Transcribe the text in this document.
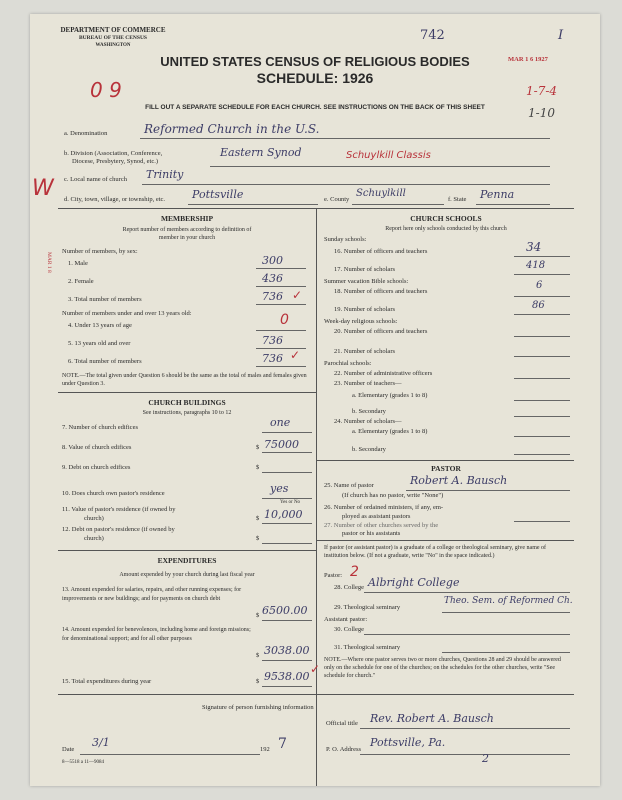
DEPARTMENT OF COMMERCE
BUREAU OF THE CENSUS
WASHINGTON
742
MAR 1 6 1927
I
UNITED STATES CENSUS OF RELIGIOUS BODIES
SCHEDULE: 1926
0 9	1-7-4
1-10
FILL OUT A SEPARATE SCHEDULE FOR EACH CHURCH. SEE INSTRUCTIONS ON THE BACK OF THIS SHEET
a. Denomination	Reformed Church in the U.S.
b. Division (Association, Conference,
Diocese, Presbytery, Synod, etc.)
Eastern Synod	Schuylkill Classis
c. Local name of church Trinity
W d. City, town, village, or township, etc. Pottsville	e. County
Schuylkill
f. State Penna
MEMBERSHIP
Report number of members according to definition of
member in your church
Number of members, by sex:
1. Male	300
2. Female	436
3. Total number of members	736 ✓
Number of members under and over 13 years old:
4. Under 13 years of age	0
5. 13 years old and over	736
6. Total number of members	736 ✓
NOTE.—The total given under Question 6 should be the same as the total of males and females given under Question 3.
MAR 1 8
CHURCH BUILDINGS
See instructions, paragraphs 10 to 12
7. Number of church edifices	one
8. Value of church edifices	$ 75000
9. Debt on church edifices	$
10. Does church own pastor's residence	yes
Yes or No
11. Value of pastor's residence (if owned by
church)	$ 10,000
12. Debt on pastor's residence (if owned by
church)	$
EXPENDITURES
Amount expended by your church during last fiscal year
13. Amount expended for salaries, repairs, and other running expenses; for improvements or new buildings; and for payments on church debt
$ 6500.00
14. Amount expended for benevolences, including home and foreign missions; for denominational support; and for all other purposes
$ 3038.00
15. Total expenditures during year	$ 9538.00
✓
CHURCH SCHOOLS
Report here only schools conducted by this church
Sunday schools:
16. Number of officers and teachers	34
17. Number of scholars	418
Summer vacation Bible schools:
18. Number of officers and teachers
6
19. Number of scholars	86
Week-day religious schools:
20. Number of officers and teachers
21. Number of scholars
Parochial schools:
22. Number of administrative officers
23. Number of teachers—
a. Elementary (grades 1 to 8)
b. Secondary
24. Number of scholars—
a. Elementary (grades 1 to 8)
b. Secondary
PASTOR
25. Name of pastor	Robert A. Bausch
(If church has no pastor, write "None")
26. Number of ordained ministers, if any, em-
ployed as assistant pastors
27. Number of other churches served by the
pastor or his assistants
If pastor (or assistant pastor) is a graduate of a college or theological seminary, give name of institution below. (If not a graduate, write "No" in the space indicated.)
Pastor: 2
28. College Albright College
29. Theological seminary
Theo. Sem. of Reformed Ch.
Assistant pastor:
30. College
31. Theological seminary
NOTE.—Where one pastor serves two or more churches, Questions 28 and 29 should be answered only on the schedule for one of the churches; on the schedules for the other churches, write "See schedule for church."
Signature of person furnishing information
Official title Rev. Robert A. Bausch
Date
3/1
192 7	P. O. Address
Pottsville, Pa.
2
8—5518 a 11—9084
